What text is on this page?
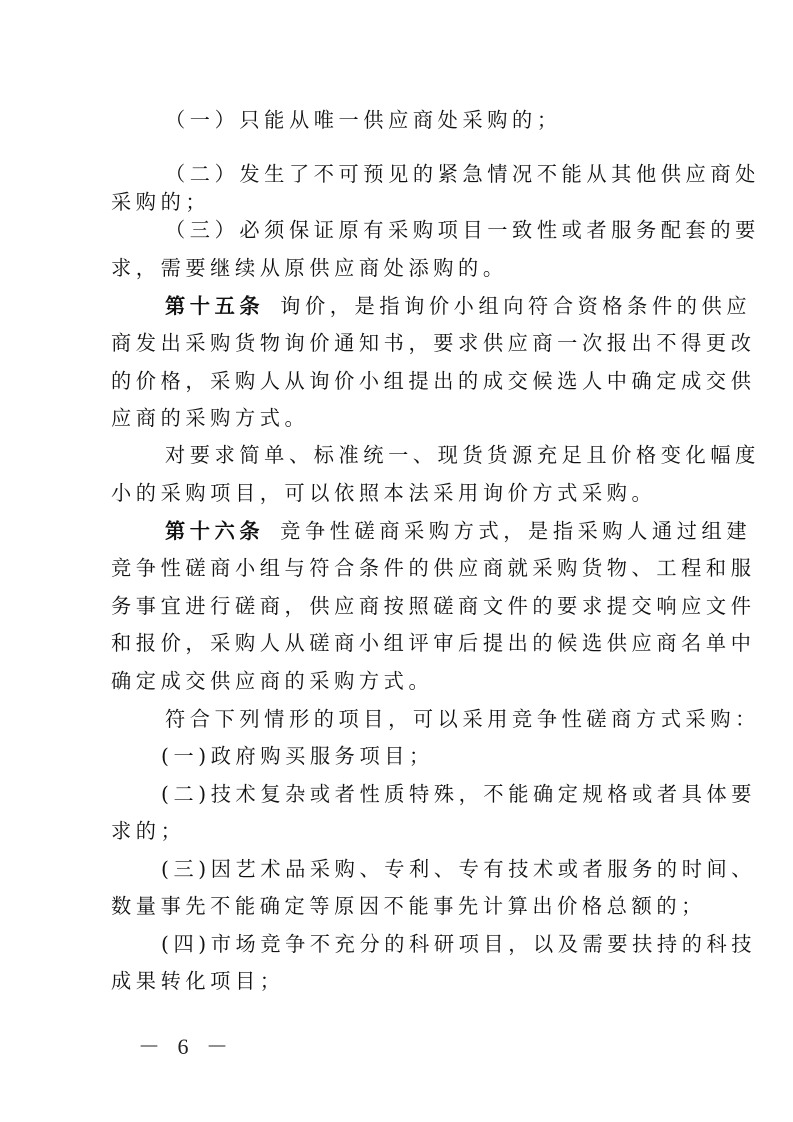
（一）只能从唯一供应商处采购的；
（二）发生了不可预见的紧急情况不能从其他供应商处
采购的；
（三）必须保证原有采购项目一致性或者服务配套的要
求，需要继续从原供应商处添购的。
第十五条 询价，是指询价小组向符合资格条件的供应
商发出采购货物询价通知书，要求供应商一次报出不得更改
的价格，采购人从询价小组提出的成交候选人中确定成交供
应商的采购方式。
对要求简单、标准统一、现货货源充足且价格变化幅度
小的采购项目，可以依照本法采用询价方式采购。
第十六条 竞争性磋商采购方式，是指采购人通过组建
竞争性磋商小组与符合条件的供应商就采购货物、工程和服
务事宜进行磋商，供应商按照磋商文件的要求提交响应文件
和报价，采购人从磋商小组评审后提出的候选供应商名单中
确定成交供应商的采购方式。
符合下列情形的项目，可以采用竞争性磋商方式采购：
(一)政府购买服务项目；
(二)技术复杂或者性质特殊，不能确定规格或者具体要
求的；
(三)因艺术品采购、专利、专有技术或者服务的时间、
数量事先不能确定等原因不能事先计算出价格总额的；
(四)市场竞争不充分的科研项目，以及需要扶持的科技
成果转化项目；
－ 6 －
